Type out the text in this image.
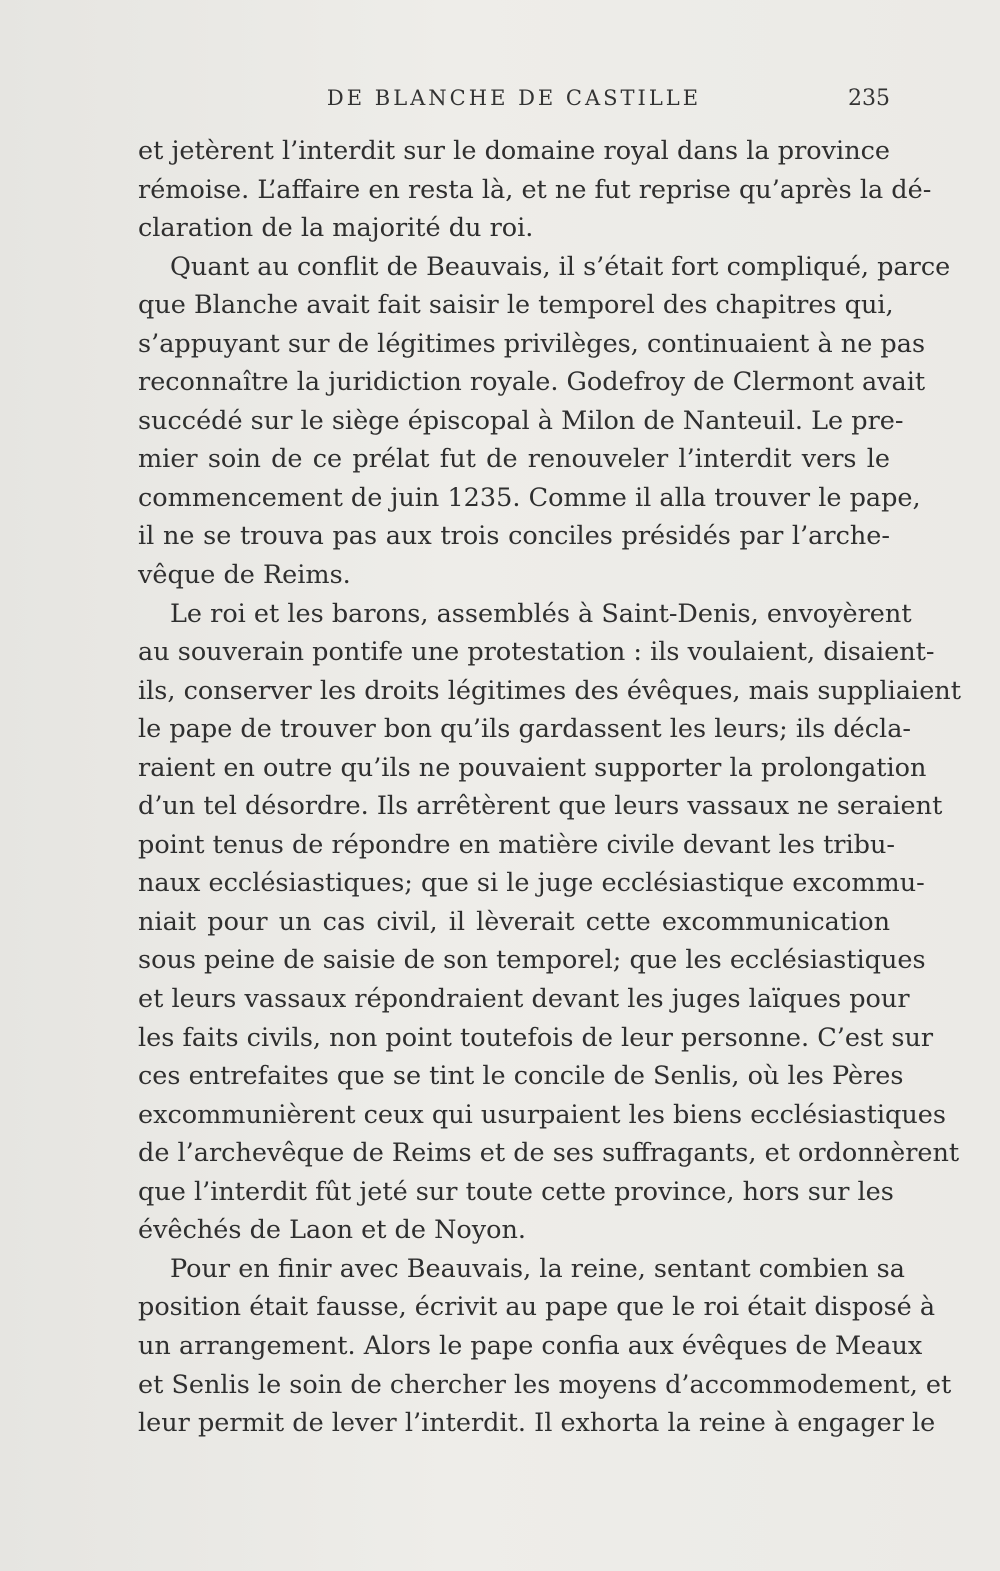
DE BLANCHE DE CASTILLE	235
et jetèrent l’interdit sur le domaine royal dans la province
rémoise. L’affaire en resta là, et ne fut reprise qu’après la dé-
claration de la majorité du roi.
Quant au conflit de Beauvais, il s’était fort compliqué, parce
que Blanche avait fait saisir le temporel des chapitres qui,
s’appuyant sur de légitimes privilèges, continuaient à ne pas
reconnaître la juridiction royale. Godefroy de Clermont avait
succédé sur le siège épiscopal à Milon de Nanteuil. Le pre-
mier soin de ce prélat fut de renouveler l’interdit vers le
commencement de juin 1235. Comme il alla trouver le pape,
il ne se trouva pas aux trois conciles présidés par l’arche-
vêque de Reims.
Le roi et les barons, assemblés à Saint-Denis, envoyèrent
au souverain pontife une protestation : ils voulaient, disaient-
ils, conserver les droits légitimes des évêques, mais suppliaient
le pape de trouver bon qu’ils gardassent les leurs; ils décla-
raient en outre qu’ils ne pouvaient supporter la prolongation
d’un tel désordre. Ils arrêtèrent que leurs vassaux ne seraient
point tenus de répondre en matière civile devant les tribu-
naux ecclésiastiques; que si le juge ecclésiastique excommu-
niait pour un cas civil, il lèverait cette excommunication
sous peine de saisie de son temporel; que les ecclésiastiques
et leurs vassaux répondraient devant les juges laïques pour
les faits civils, non point toutefois de leur personne. C’est sur
ces entrefaites que se tint le concile de Senlis, où les Pères
excommunièrent ceux qui usurpaient les biens ecclésiastiques
de l’archevêque de Reims et de ses suffragants, et ordonnèrent
que l’interdit fût jeté sur toute cette province, hors sur les
évêchés de Laon et de Noyon.
Pour en finir avec Beauvais, la reine, sentant combien sa
position était fausse, écrivit au pape que le roi était disposé à
un arrangement. Alors le pape confia aux évêques de Meaux
et Senlis le soin de chercher les moyens d’accommodement, et
leur permit de lever l’interdit. Il exhorta la reine à engager le
